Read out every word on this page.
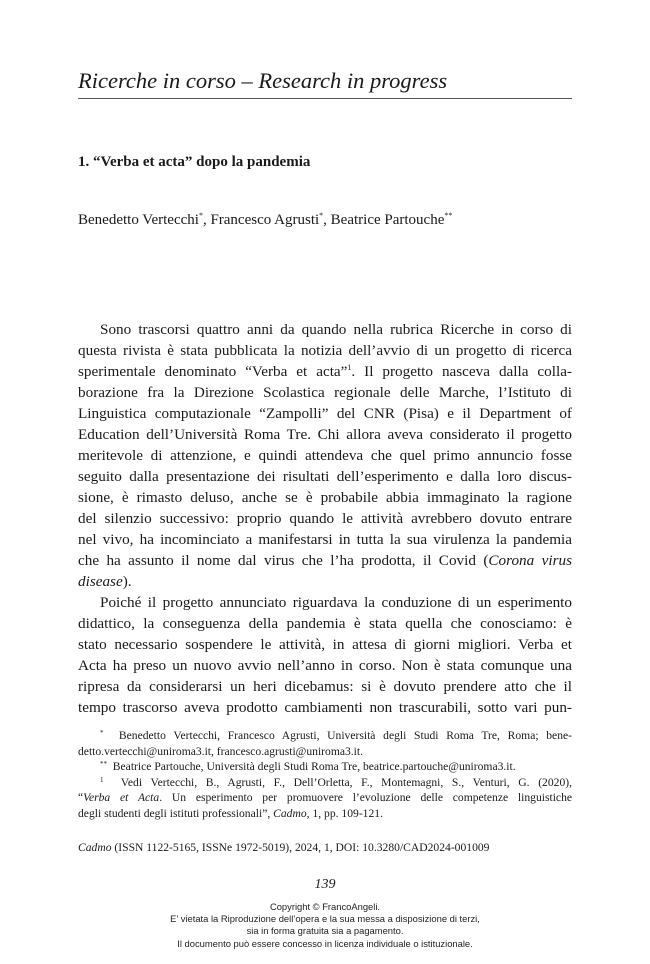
Ricerche in corso – Research in progress
1. “Verba et acta” dopo la pandemia
Benedetto Vertecchi*, Francesco Agrusti*, Beatrice Partouche**
Sono trascorsi quattro anni da quando nella rubrica Ricerche in corso di
questa rivista è stata pubblicata la notizia dell’avvio di un progetto di ricerca
sperimentale denominato “Verba et acta”$^1$. Il progetto nasceva dalla colla-
borazione fra la Direzione Scolastica regionale delle Marche, l’Istituto di
Linguistica computazionale “Zampolli” del CNR (Pisa) e il Department of
Education dell’Università Roma Tre. Chi allora aveva considerato il progetto
meritevole di attenzione, e quindi attendeva che quel primo annuncio fosse
seguito dalla presentazione dei risultati dell’esperimento e dalla loro discus-
sione, è rimasto deluso, anche se è probabile abbia immaginato la ragione
del silenzio successivo: proprio quando le attività avrebbero dovuto entrare
nel vivo, ha incominciato a manifestarsi in tutta la sua virulenza la pandemia
che ha assunto il nome dal virus che l’ha prodotta, il Covid (Corona virus
disease).
Poiché il progetto annunciato riguardava la conduzione di un esperimento
didattico, la conseguenza della pandemia è stata quella che conosciamo: è
stato necessario sospendere le attività, in attesa di giorni migliori. Verba et
Acta ha preso un nuovo avvio nell’anno in corso. Non è stata comunque una
ripresa da considerarsi un heri dicebamus: si è dovuto prendere atto che il
tempo trascorso aveva prodotto cambiamenti non trascurabili, sotto vari pun-
* Benedetto Vertecchi, Francesco Agrusti, Università degli Studi Roma Tre, Roma; bene-
detto.vertecchi@uniroma3.it, francesco.agrusti@uniroma3.it.
** Beatrice Partouche, Università degli Studi Roma Tre, beatrice.partouche@uniroma3.it.
$^1$ Vedi Vertecchi, B., Agrusti, F., Dell’Orletta, F., Montemagni, S., Venturi, G. (2020),
“Verba et Acta. Un esperimento per promuovere l’evoluzione delle competenze linguistiche
degli studenti degli istituti professionali”, Cadmo, 1, pp. 109-121.
Cadmo (ISSN 1122-5165, ISSNe 1972-5019), 2024, 1, DOI: 10.3280/CAD2024-001009
139
Copyright © FrancoAngeli.
E’ vietata la Riproduzione dell’opera e la sua messa a disposizione di terzi,
sia in forma gratuita sia a pagamento.
Il documento può essere concesso in licenza individuale o istituzionale.
